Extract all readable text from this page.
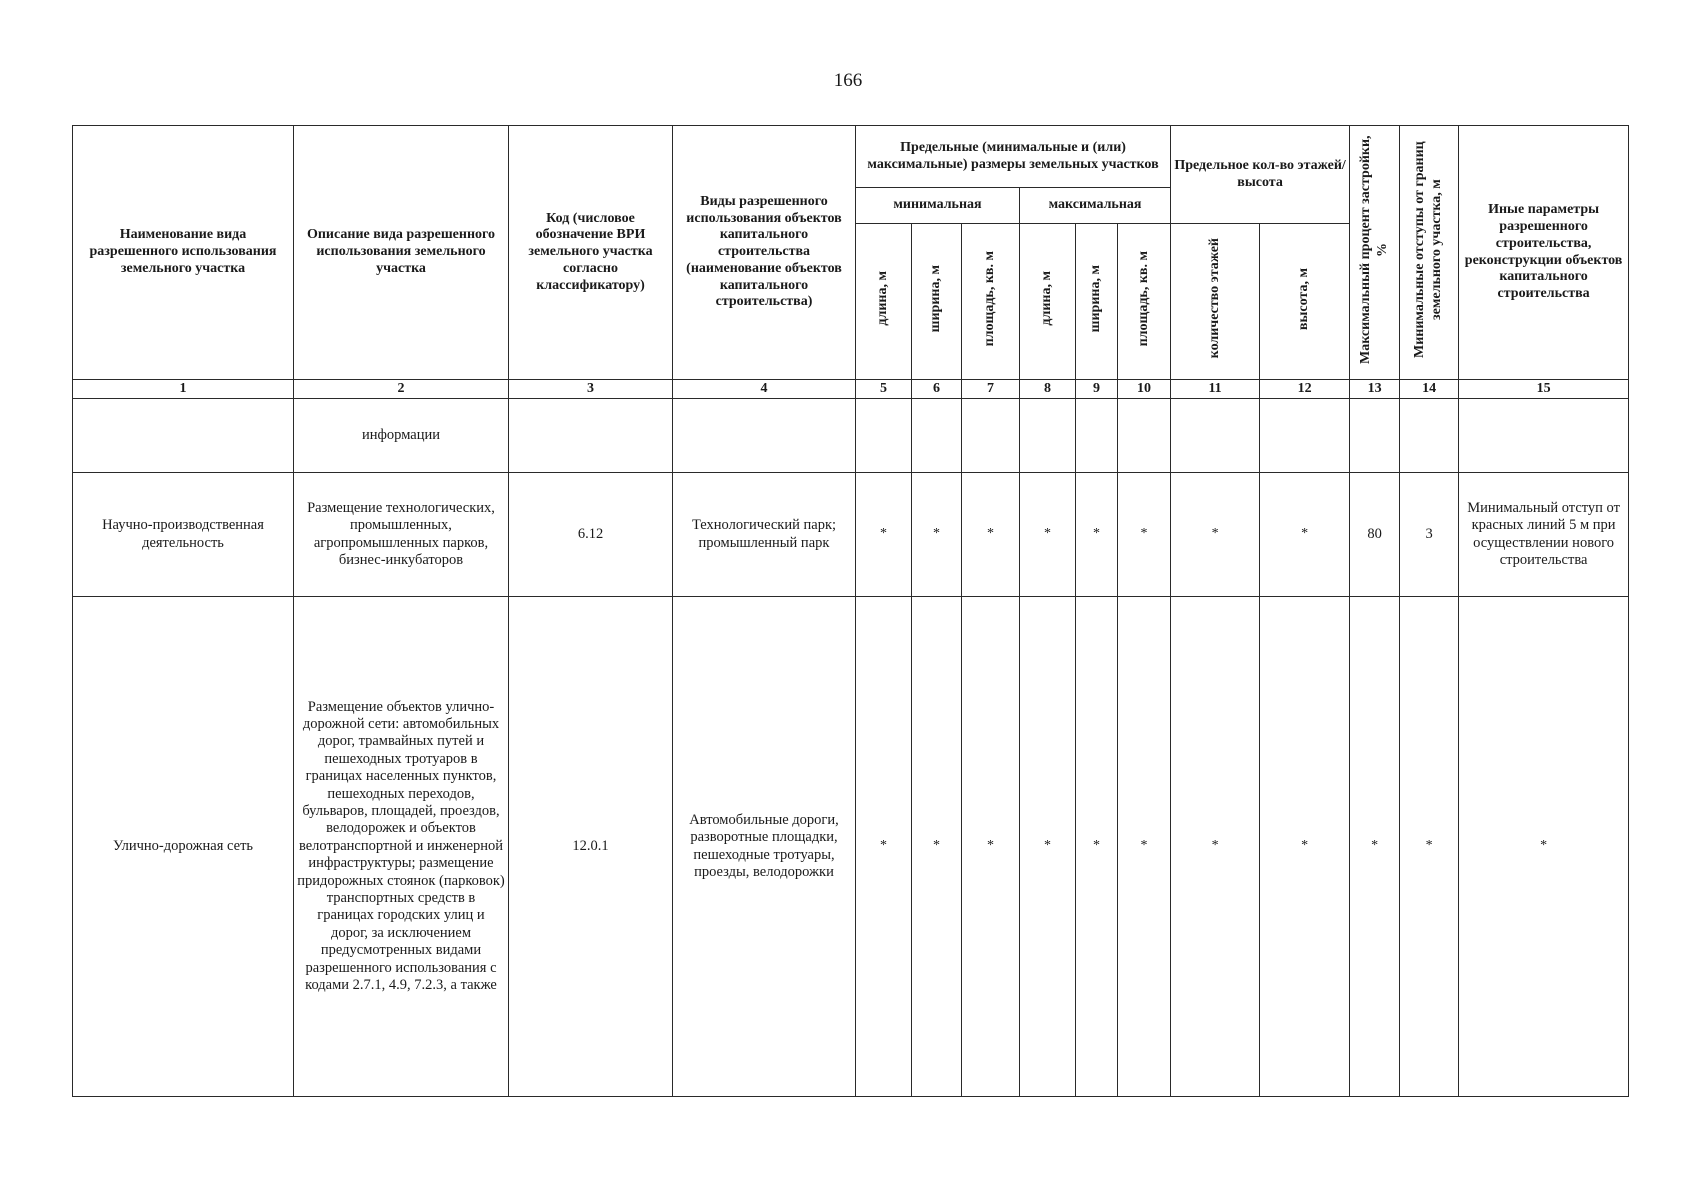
166
Наименование вида разрешенного использования земельного участка	Описание вида разрешенного использования земельного участка	Код (числовое обозначение ВРИ земельного участка согласно классификатору)	Виды разрешенного использования объектов капитального строительства (наименование объектов капитального строительства)	Предельные (минимальные и (или) максимальные) размеры земельных участков						Предельное кол-во этажей/высота		Максимальный процент застройки, %	Минимальные отступы от границ земельного участка, м	Иные параметры разрешенного строительства, реконструкции объектов капитального строительства
				минимальная			максимальная							
				длина, м	ширина, м	площадь, кв. м	длина, м	ширина, м	площадь, кв. м	количество этажей	высота, м			
1	2	3	4	5	6	7	8	9	10	11	12	13	14	15
	информации													
Научно-производственная деятельность	Размещение технологических, промышленных, агропромышленных парков, бизнес-инкубаторов	6.12	Технологический парк; промышленный парк	*	*	*	*	*	*	*	*	80	3	Минимальный отступ от красных линий 5 м при осуществлении нового строительства
Улично-дорожная сеть	Размещение объектов улично-дорожной сети: автомобильных дорог, трамвайных путей и пешеходных тротуаров в границах населенных пунктов, пешеходных переходов, бульваров, площадей, проездов, велодорожек и объектов велотранспортной и инженерной инфраструктуры; размещение придорожных стоянок (парковок) транспортных средств в границах городских улиц и дорог, за исключением предусмотренных видами разрешенного использования с кодами 2.7.1, 4.9, 7.2.3, а также	12.0.1	Автомобильные дороги, разворотные площадки, пешеходные тротуары, проезды, велодорожки	*	*	*	*	*	*	*	*	*	*	*
